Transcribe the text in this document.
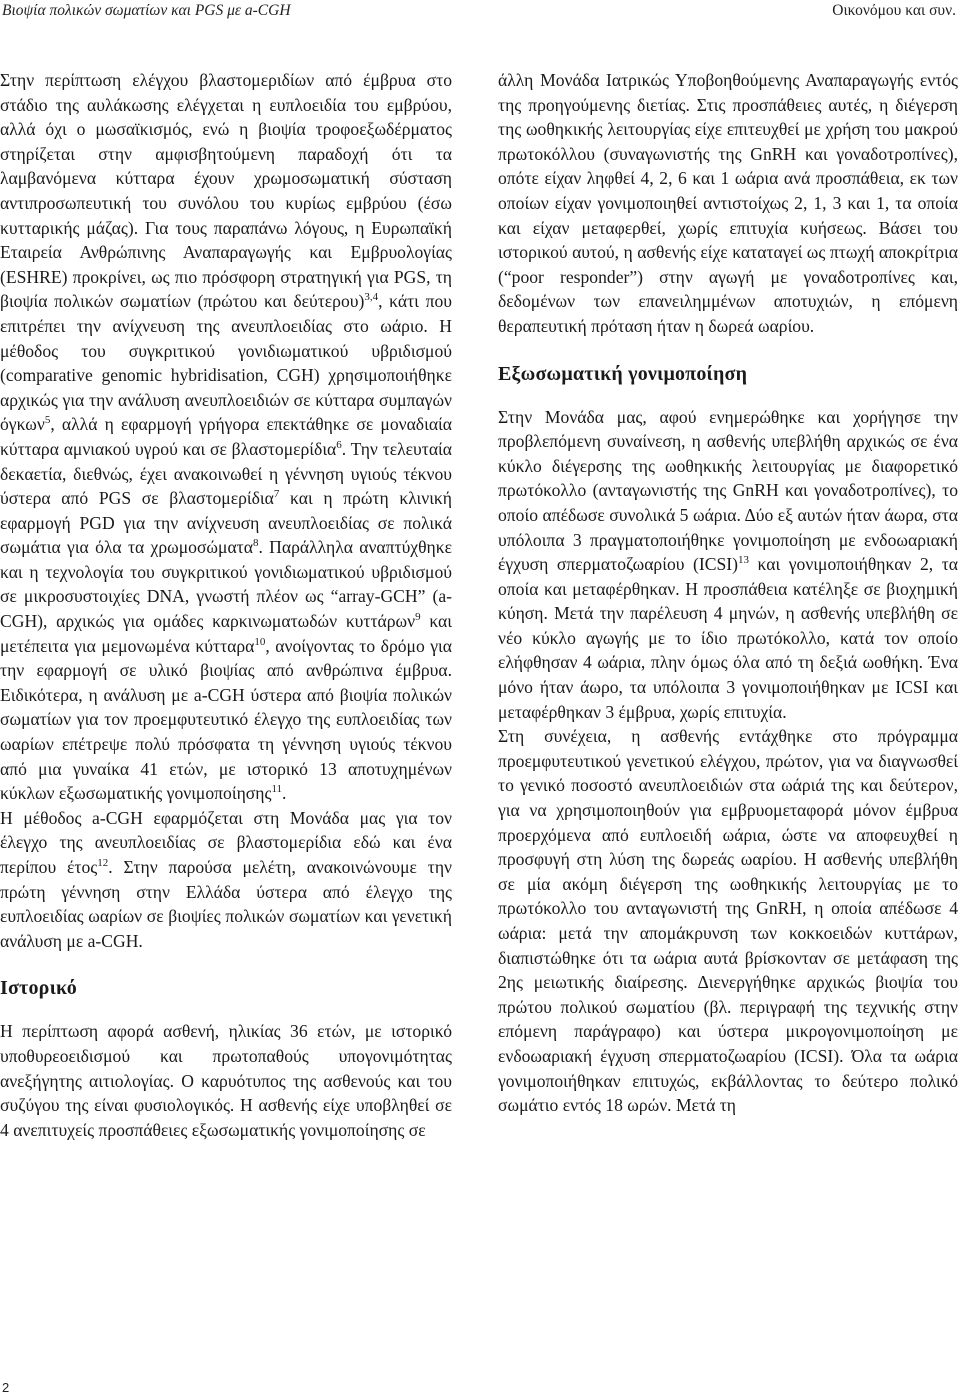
Βιοψία πολικών σωματίων και PGS με a-CGH	Οικονόμου και συν.

Στην περίπτωση ελέγχου βλαστομεριδίων από έμβρυα στο στάδιο της αυλάκωσης ελέγχεται η ευπλοειδία του εμβρύου, αλλά όχι ο μωσαϊκισμός, ενώ η βιοψία τροφοεξωδέρματος στηρίζεται στην αμφισβητούμενη παραδοχή ότι τα λαμβανόμενα κύτταρα έχουν χρωμοσωματική σύσταση αντιπροσωπευτική του συνόλου του κυρίως εμβρύου (έσω κυτταρικής μάζας). Για τους παραπάνω λόγους, η Ευρωπαϊκή Εταιρεία Ανθρώπινης Αναπαραγωγής και Εμβρυολογίας (ESHRE) προκρίνει, ως πιο πρόσφορη στρατηγική για PGS, τη βιοψία πολικών σωματίων (πρώτου και δεύτερου)$^{3,4}$, κάτι που επιτρέπει την ανίχνευση της ανευπλοειδίας στο ωάριο. Η μέθοδος του συγκριτικού γονιδιωματικού υβριδισμού (comparative genomic hybridisation, CGH) χρησιμοποιήθηκε αρχικώς για την ανάλυση ανευπλοειδιών σε κύτταρα συμπαγών όγκων$^5$, αλλά η εφαρμογή γρήγορα επεκτάθηκε σε μοναδιαία κύτταρα αμνιακού υγρού και σε βλαστομερίδια$^6$. Την τελευταία δεκαετία, διεθνώς, έχει ανακοινωθεί η γέννηση υγιούς τέκνου ύστερα από PGS σε βλαστομερίδια$^7$ και η πρώτη κλινική εφαρμογή PGD για την ανίχνευση ανευπλοειδίας σε πολικά σωμάτια για όλα τα χρωμοσώματα$^8$. Παράλληλα αναπτύχθηκε και η τεχνολογία του συγκριτικού γονιδιωματικού υβριδισμού σε μικροσυστοιχίες DNA, γνωστή πλέον ως “array-GCH” (a-CGH), αρχικώς για ομάδες καρκινωματωδών κυττάρων$^9$ και μετέπειτα για μεμονωμένα κύτταρα$^{10}$, ανοίγοντας το δρόμο για την εφαρμογή σε υλικό βιοψίας από ανθρώπινα έμβρυα. Ειδικότερα, η ανάλυση με a-CGH ύστερα από βιοψία πολικών σωματίων για τον προεμφυτευτικό έλεγχο της ευπλοειδίας των ωαρίων επέτρεψε πολύ πρόσφατα τη γέννηση υγιούς τέκνου από μια γυναίκα 41 ετών, με ιστορικό 13 αποτυχημένων κύκλων εξωσωματικής γονιμοποίησης$^{11}$.

Η μέθοδος a-CGH εφαρμόζεται στη Μονάδα μας για τον έλεγχο της ανευπλοειδίας σε βλαστομερίδια εδώ και ένα περίπου έτος$^{12}$. Στην παρούσα μελέτη, ανακοινώνουμε την πρώτη γέννηση στην Ελλάδα ύστερα από έλεγχο της ευπλοειδίας ωαρίων σε βιοψίες πολικών σωματίων και γενετική ανάλυση με a-CGH.

Ιστορικό

Η περίπτωση αφορά ασθενή, ηλικίας 36 ετών, με ιστορικό υποθυρεοειδισμού και πρωτοπαθούς υπογονιμότητας ανεξήγητης αιτιολογίας. Ο καρυότυπος της ασθενούς και του συζύγου της είναι φυσιολογικός. Η ασθενής είχε υποβληθεί σε 4 ανεπιτυχείς προσπάθειες εξωσωματικής γονιμοποίησης σε

άλλη Μονάδα Ιατρικώς Υποβοηθούμενης Αναπαραγωγής εντός της προηγούμενης διετίας. Στις προσπάθειες αυτές, η διέγερση της ωοθηκικής λειτουργίας είχε επιτευχθεί με χρήση του μακρού πρωτοκόλλου (συναγωνιστής της GnRH και γοναδοτροπίνες), οπότε είχαν ληφθεί 4, 2, 6 και 1 ωάρια ανά προσπάθεια, εκ των οποίων είχαν γονιμοποιηθεί αντιστοίχως 2, 1, 3 και 1, τα οποία και είχαν μεταφερθεί, χωρίς επιτυχία κυήσεως. Βάσει του ιστορικού αυτού, η ασθενής είχε καταταγεί ως πτωχή αποκρίτρια (“poor responder”) στην αγωγή με γοναδοτροπίνες και, δεδομένων των επανειλημμένων αποτυχιών, η επόμενη θεραπευτική πρόταση ήταν η δωρεά ωαρίου.

Εξωσωματική γονιμοποίηση

Στην Μονάδα μας, αφού ενημερώθηκε και χορήγησε την προβλεπόμενη συναίνεση, η ασθενής υπεβλήθη αρχικώς σε ένα κύκλο διέγερσης της ωοθηκικής λειτουργίας με διαφορετικό πρωτόκολλο (ανταγωνιστής της GnRH και γοναδοτροπίνες), το οποίο απέδωσε συνολικά 5 ωάρια. Δύο εξ αυτών ήταν άωρα, στα υπόλοιπα 3 πραγματοποιήθηκε γονιμοποίηση με ενδοωαριακή έγχυση σπερματοζωαρίου (ICSI)$^{13}$ και γονιμοποιήθηκαν 2, τα οποία και μεταφέρθηκαν. Η προσπάθεια κατέληξε σε βιοχημική κύηση. Μετά την παρέλευση 4 μηνών, η ασθενής υπεβλήθη σε νέο κύκλο αγωγής με το ίδιο πρωτόκολλο, κατά τον οποίο ελήφθησαν 4 ωάρια, πλην όμως όλα από τη δεξιά ωοθήκη. Ένα μόνο ήταν άωρο, τα υπόλοιπα 3 γονιμοποιήθηκαν με ICSI και μεταφέρθηκαν 3 έμβρυα, χωρίς επιτυχία.

Στη συνέχεια, η ασθενής εντάχθηκε στο πρόγραμμα προεμφυτευτικού γενετικού ελέγχου, πρώτον, για να διαγνωσθεί το γενικό ποσοστό ανευπλοειδιών στα ωάριά της και δεύτερον, για να χρησιμοποιηθούν για εμβρυομεταφορά μόνον έμβρυα προερχόμενα από ευπλοειδή ωάρια, ώστε να αποφευχθεί η προσφυγή στη λύση της δωρεάς ωαρίου. Η ασθενής υπεβλήθη σε μία ακόμη διέγερση της ωοθηκικής λειτουργίας με το πρωτόκολλο του ανταγωνιστή της GnRH, η οποία απέδωσε 4 ωάρια: μετά την απομάκρυνση των κοκκοειδών κυττάρων, διαπιστώθηκε ότι τα ωάρια αυτά βρίσκονταν σε μετάφαση της 2ης μειωτικής διαίρεσης. Διενεργήθηκε αρχικώς βιοψία του πρώτου πολικού σωματίου (βλ. περιγραφή της τεχνικής στην επόμενη παράγραφο) και ύστερα μικρογονιμοποίηση με ενδοωαριακή έγχυση σπερματοζωαρίου (ICSI). Όλα τα ωάρια γονιμοποιήθηκαν επιτυχώς, εκβάλλοντας το δεύτερο πολικό σωμάτιο εντός 18 ωρών. Μετά τη

2
